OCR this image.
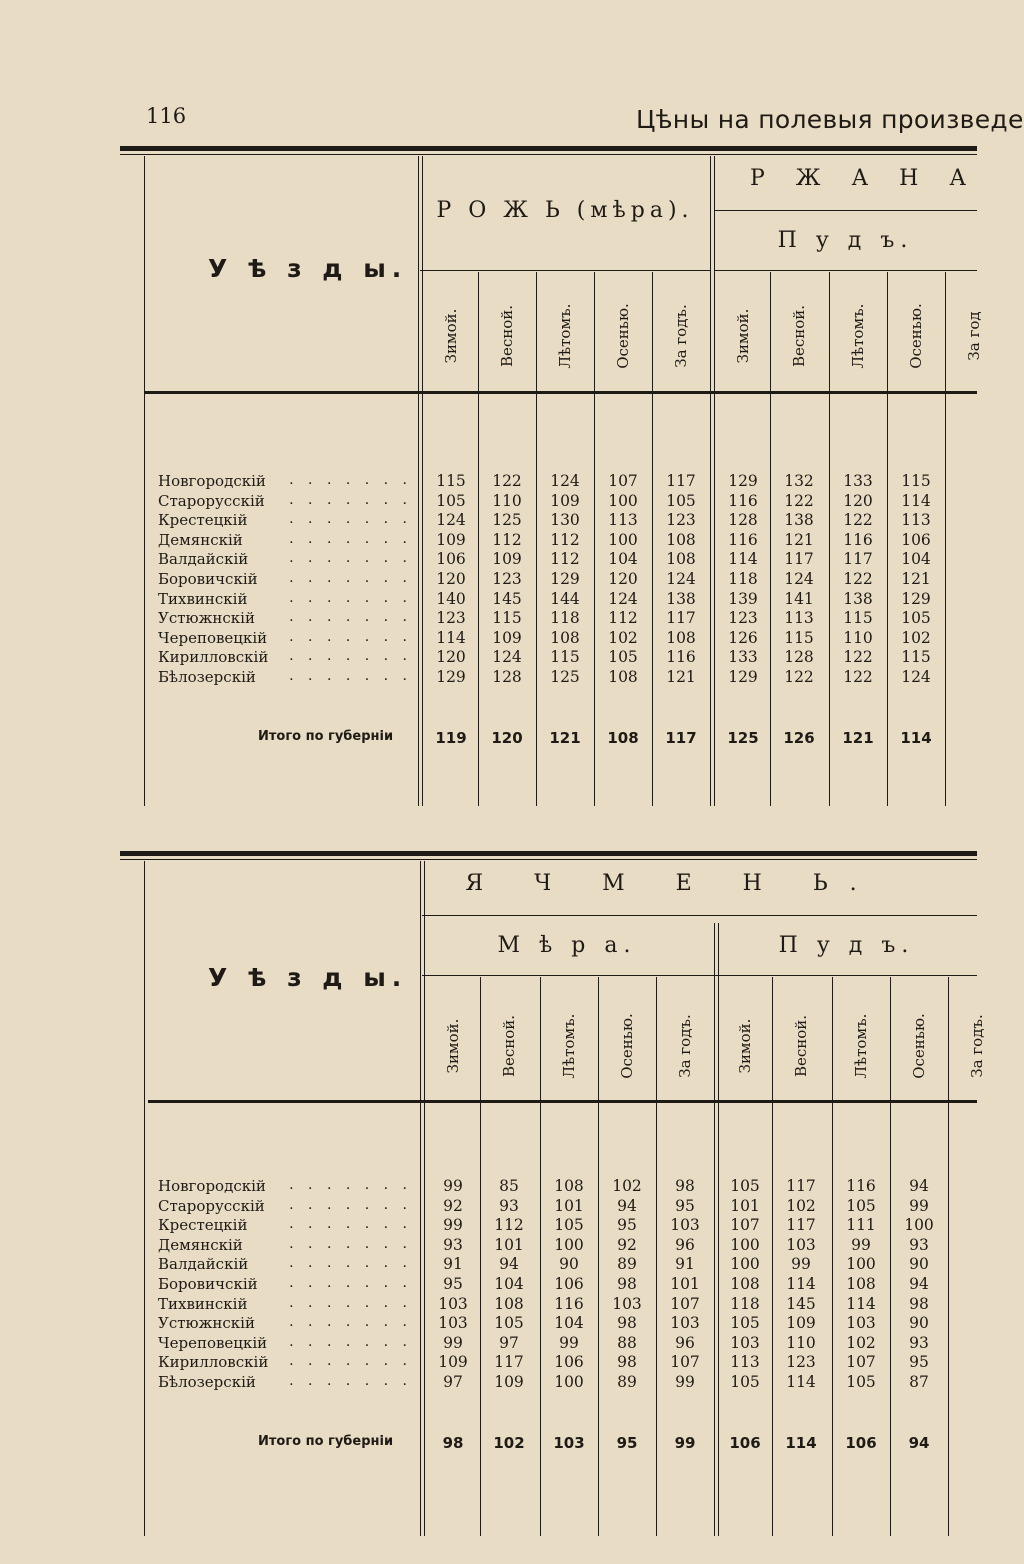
116	Цѣны на полевыя произведе
У ѣ з д ы.
Р О Ж Ь (мѣра).
Р Ж А Н А
П у д ъ.
Зимой.	Весной.	Лѣтомъ.	Осенью.	За годъ.	Зимой.	Весной.	Лѣтомъ.	Осенью.	За год
Новгородскій . . . . . . .	115	122	124	107	117	129	132	133	115
Старорусскій . . . . . . .	105	110	109	100	105	116	122	120	114
Крестецкій	. . . . . . .	124	125	130	113	123	128	138	122	113
Демянскій	. . . . . . .	109	112	112	100	108	116	121	116	106
Валдайскій	. . . . . . .	106	109	112	104	108	114	117	117	104
Боровичскій . . . . . . .	120	123	129	120	124	118	124	122	121
Тихвинскій	. . . . . . .	140	145	144	124	138	139	141	138	129
Устюжнскій . . . . . . .	123	115	118	112	117	123	113	115	105
Череповецкій . . . . . . .	114	109	108	102	108	126	115	110	102
Кирилловскій . . . . . . .	120	124	115	105	116	133	128	122	115
Бѣлозерскій . . . . . . .	129	128	125	108	121	129	122	122	124
Итого по губерніи	119	120	121	108	117	125	126	121	114
У ѣ з д ы.
Я Ч М Е Н Ь.
М ѣ р а.	П у д ъ.
Зимой.	Весной.	Лѣтомъ.	Осенью.	За годъ.	Зимой.	Весной.	Лѣтомъ.	Осенью.	За годъ.
Новгородскій . . . . . . .	99	85	108	102	98	105	117	116	94
Старорусскій . . . . . . .	92	93	101	94	95	101	102	105	99
Крестецкій	. . . . . . .	99	112	105	95	103	107	117	111	100
Демянскій	. . . . . . .	93	101	100	92	96	100	103	99	93
Валдайскій	. . . . . . .	91	94	90	89	91	100	99	100	90
Боровичскій . . . . . . .	95	104	106	98	101	108	114	108	94
Тихвинскій	. . . . . . .	103	108	116	103	107	118	145	114	98
Устюжнскій . . . . . . .	103	105	104	98	103	105	109	103	90
Череповецкій . . . . . . .	99	97	99	88	96	103	110	102	93
Кирилловскій . . . . . . .	109	117	106	98	107	113	123	107	95
Бѣлозерскій . . . . . . .	97	109	100	89	99	105	114	105	87
Итого по губерніи	98	102	103	95	99	106	114	106	94
